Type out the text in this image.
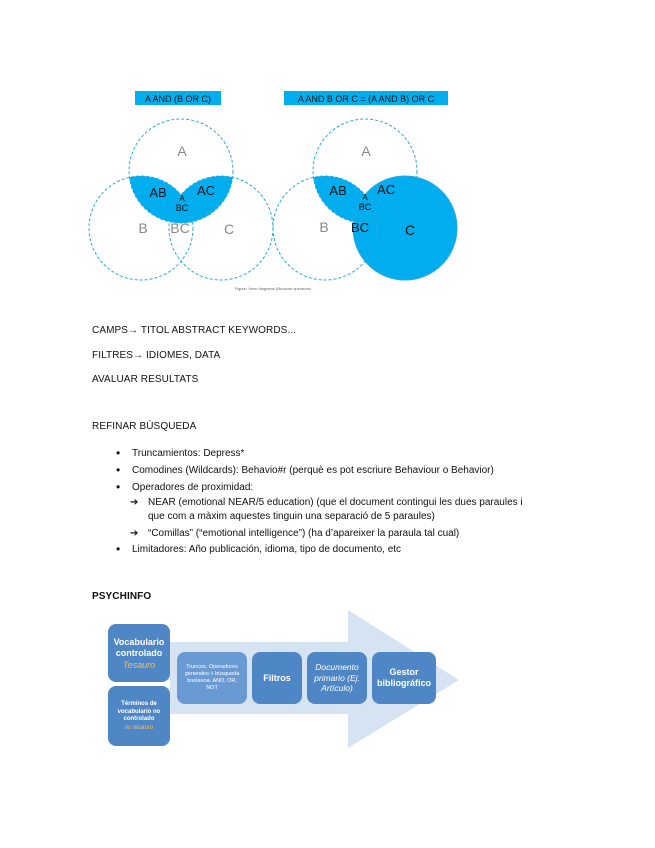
A AND (B OR C)
A
AB AC
A
BC
B BC C
A AND B OR C = (A AND B) OR C
A
AB AC
A
BC
B BC	C
Figure: Venn diagrams (Boolean operators)
CAMPS→ TITOL ABSTRACT KEYWORDS...
FILTRES→ IDIOMES, DATA
AVALUAR RESULTATS
REFINAR BÚSQUEDA
• Truncamientos: Depress*
• Comodines (Wildcards): Behavio#r (perquè es pot escriure Behaviour o Behavior)
• Operadores de proximidad:
➔ NEAR (emotional NEAR/5 education) (que el document contingui les dues paraules i
que com a màxim aquestes tinguin una separació de 5 paraules)
➔ “Comillas” (“emotional intelligence”) (ha d’apareixer la paraula tal cual)
• Limitadores: Año publicación, idioma, tipo de documento, etc
PSYCHINFO
Vocabulario controlado
Tesauro
Términos de vocabulario no controlado
no tesauro
Truncos, Operadores generales + búsqueda booleana. AND, OR, NOT
Filtros
Documento primario (Ej. Artículo)
Gestor bibliográfico
